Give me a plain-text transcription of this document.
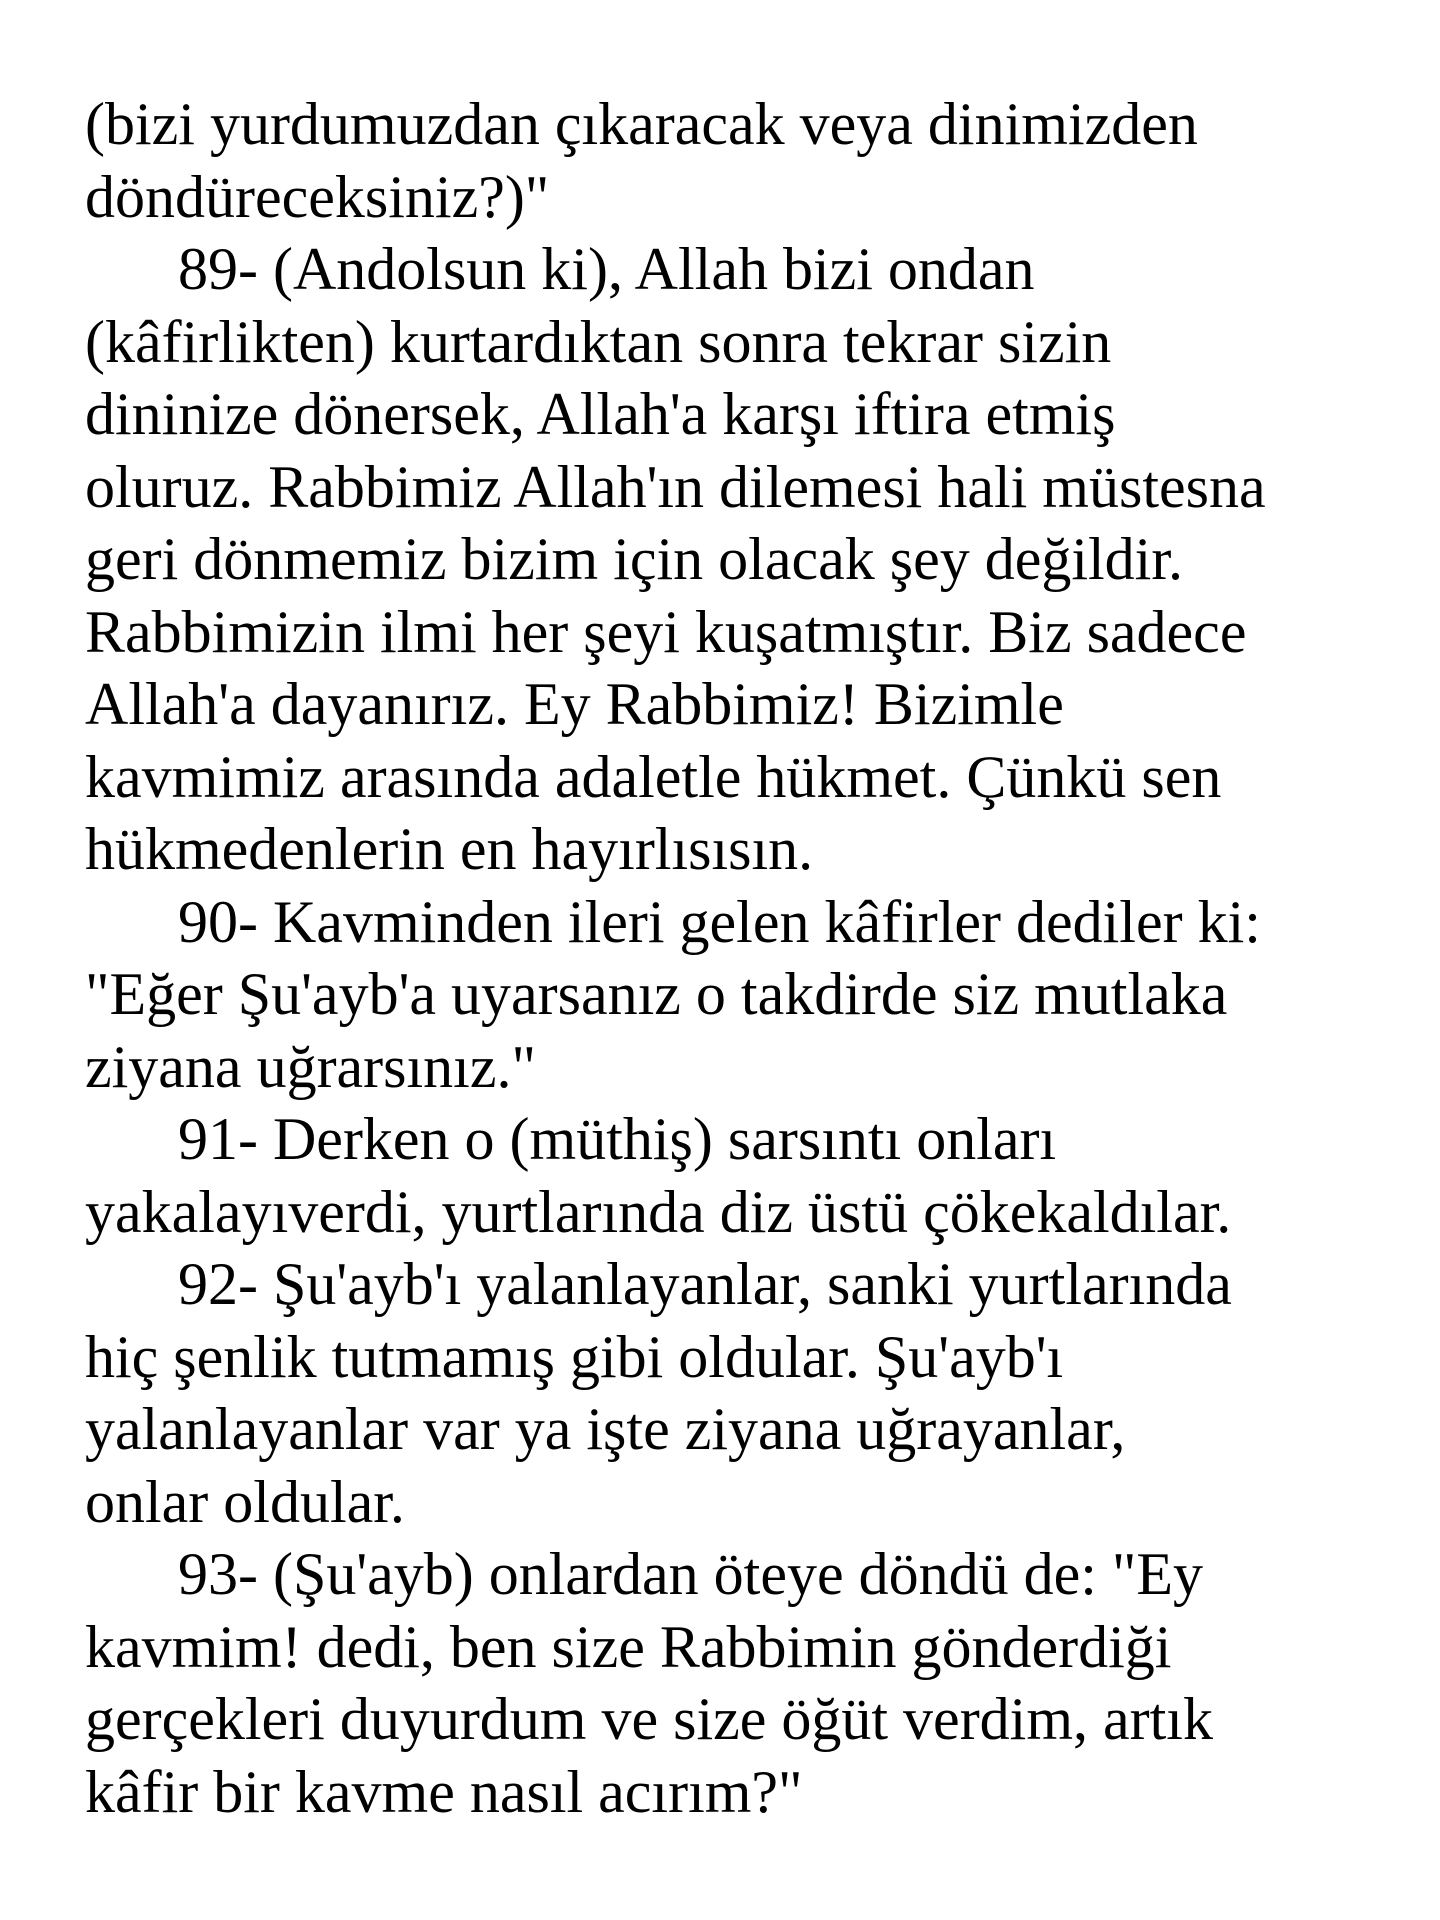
(bizi yurdumuzdan çıkaracak veya dinimizden
döndüreceksiniz?)"
89- (Andolsun ki), Allah bizi ondan
(kâfirlikten) kurtardıktan sonra tekrar sizin
dininize dönersek, Allah'a karşı iftira etmiş
oluruz. Rabbimiz Allah'ın dilemesi hali müstesna
geri dönmemiz bizim için olacak şey değildir.
Rabbimizin ilmi her şeyi kuşatmıştır. Biz sadece
Allah'a dayanırız. Ey Rabbimiz! Bizimle
kavmimiz arasında adaletle hükmet. Çünkü sen
hükmedenlerin en hayırlısısın.
90- Kavminden ileri gelen kâfirler dediler ki:
"Eğer Şu'ayb'a uyarsanız o takdirde siz mutlaka
ziyana uğrarsınız."
91- Derken o (müthiş) sarsıntı onları
yakalayıverdi, yurtlarında diz üstü çökekaldılar.
92- Şu'ayb'ı yalanlayanlar, sanki yurtlarında
hiç şenlik tutmamış gibi oldular. Şu'ayb'ı
yalanlayanlar var ya işte ziyana uğrayanlar,
onlar oldular.
93- (Şu'ayb) onlardan öteye döndü de: "Ey
kavmim! dedi, ben size Rabbimin gönderdiği
gerçekleri duyurdum ve size öğüt verdim, artık
kâfir bir kavme nasıl acırım?"
